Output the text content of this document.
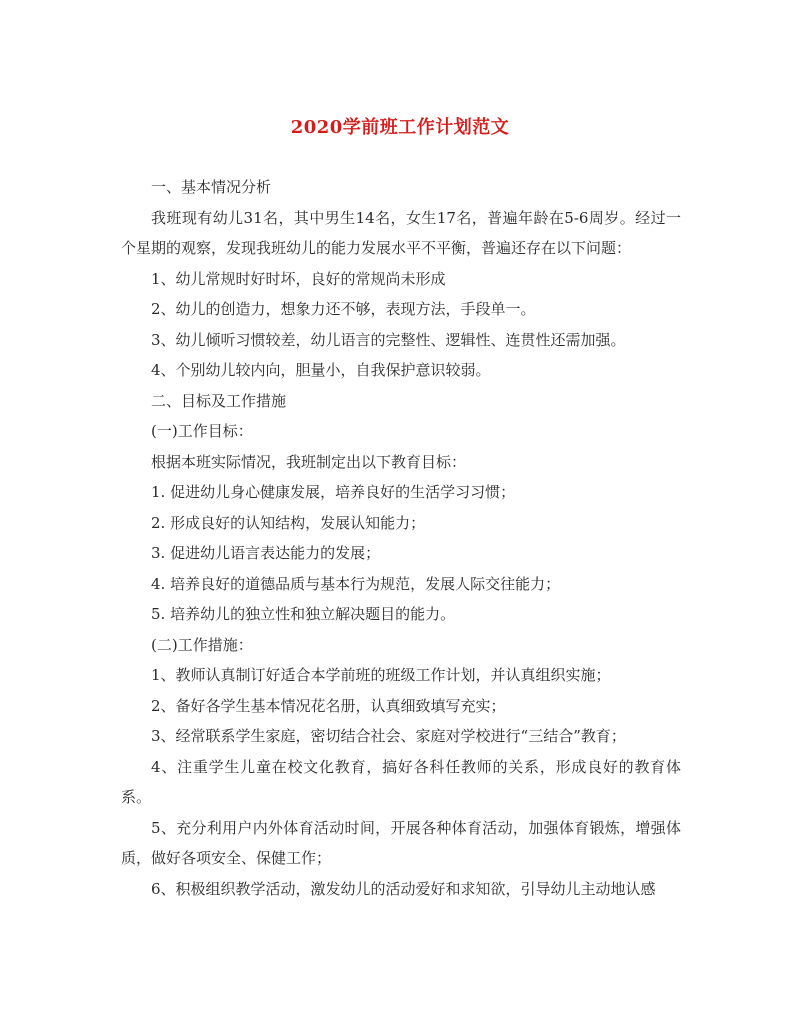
2020学前班工作计划范文

一、基本情况分析

我班现有幼儿31名，其中男生14名，女生17名，普遍年龄在5-6周岁。经过一个星期的观察，发现我班幼儿的能力发展水平不平衡，普遍还存在以下问题：

1、幼儿常规时好时坏，良好的常规尚未形成

2、幼儿的创造力，想象力还不够，表现方法，手段单一。

3、幼儿倾听习惯较差，幼儿语言的完整性、逻辑性、连贯性还需加强。

4、个别幼儿较内向，胆量小，自我保护意识较弱。

二、目标及工作措施

(一)工作目标：

根据本班实际情况，我班制定出以下教育目标：

1. 促进幼儿身心健康发展，培养良好的生活学习习惯；

2. 形成良好的认知结构，发展认知能力；

3. 促进幼儿语言表达能力的发展；

4. 培养良好的道德品质与基本行为规范，发展人际交往能力；

5. 培养幼儿的独立性和独立解决题目的能力。

(二)工作措施：

1、教师认真制订好适合本学前班的班级工作计划，并认真组织实施；

2、备好各学生基本情况花名册，认真细致填写充实；

3、经常联系学生家庭，密切结合社会、家庭对学校进行“三结合”教育；

4、注重学生儿童在校文化教育，搞好各科任教师的关系，形成良好的教育体系。

5、充分利用户内外体育活动时间，开展各种体育活动，加强体育锻炼，增强体质，做好各项安全、保健工作；

6、积极组织教学活动，激发幼儿的活动爱好和求知欲，引导幼儿主动地认感
